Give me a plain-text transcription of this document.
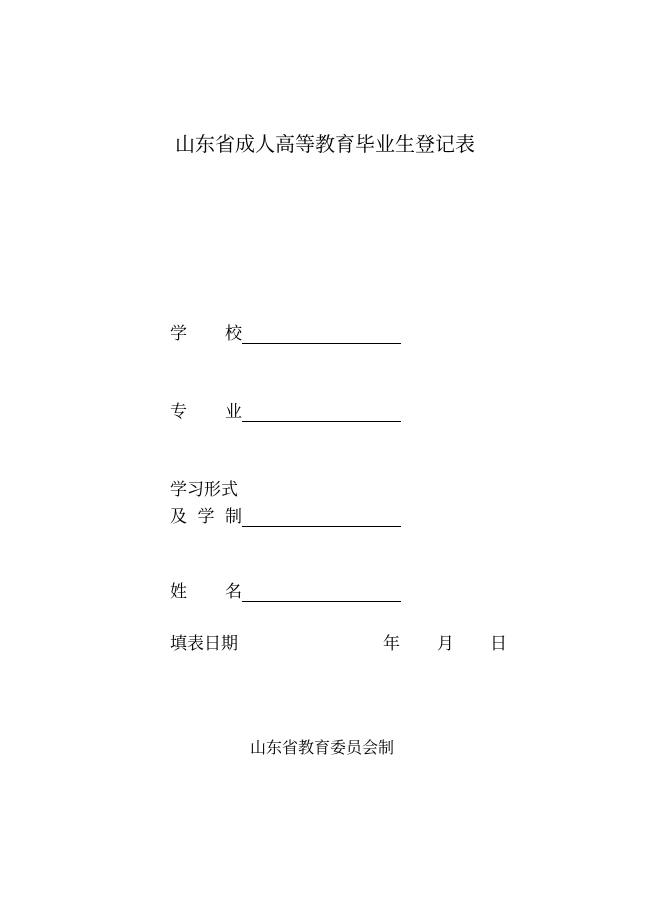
山东省成人高等教育毕业生登记表
学 校
专 业
学习形式
及 学 制
姓 名
填表日期	年 月 日
山东省教育委员会制
